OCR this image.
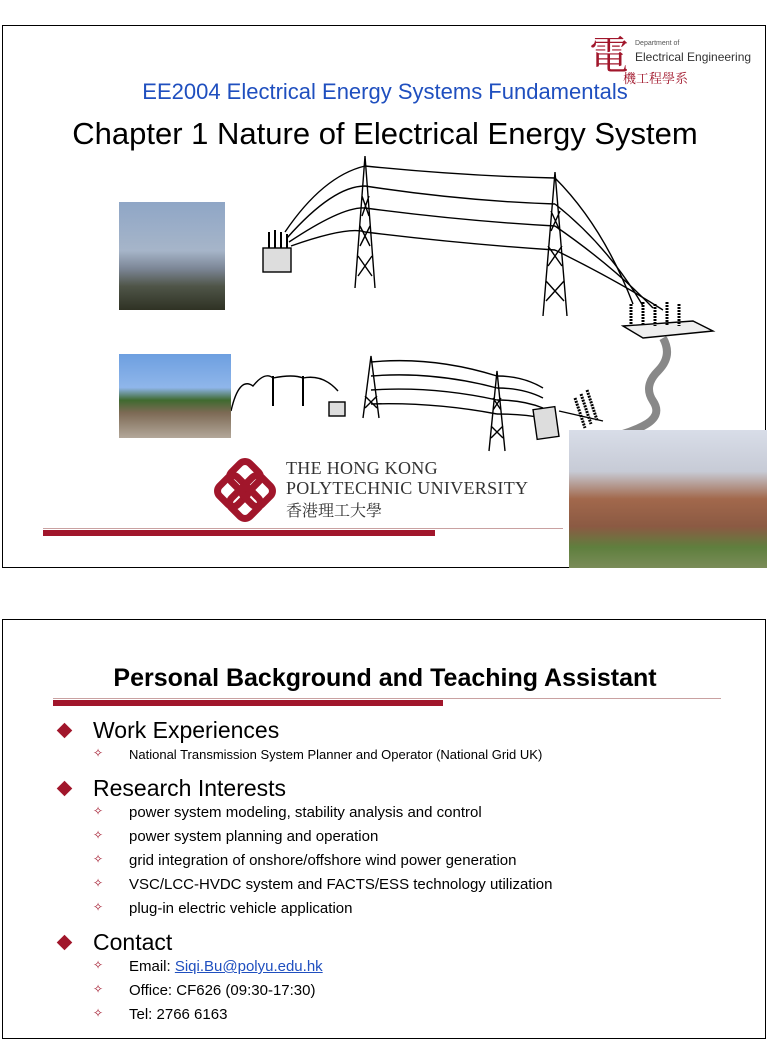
電 Department of
Electrical Engineering
機工程學系
EE2004 Electrical Energy Systems Fundamentals
Chapter 1 Nature of Electrical Energy System
THE HONG KONG
POLYTECHNIC UNIVERSITY
香港理工大學
Personal Background and Teaching Assistant
Work Experiences
✧ National Transmission System Planner and Operator (National Grid UK)
Research Interests
✧ power system modeling, stability analysis and control
✧ power system planning and operation
✧ grid integration of onshore/offshore wind power generation
✧ VSC/LCC-HVDC system and FACTS/ESS technology utilization
✧ plug-in electric vehicle application
Contact
✧ Email: Siqi.Bu@polyu.edu.hk
✧ Office: CF626 (09:30-17:30)
✧ Tel: 2766 6163
